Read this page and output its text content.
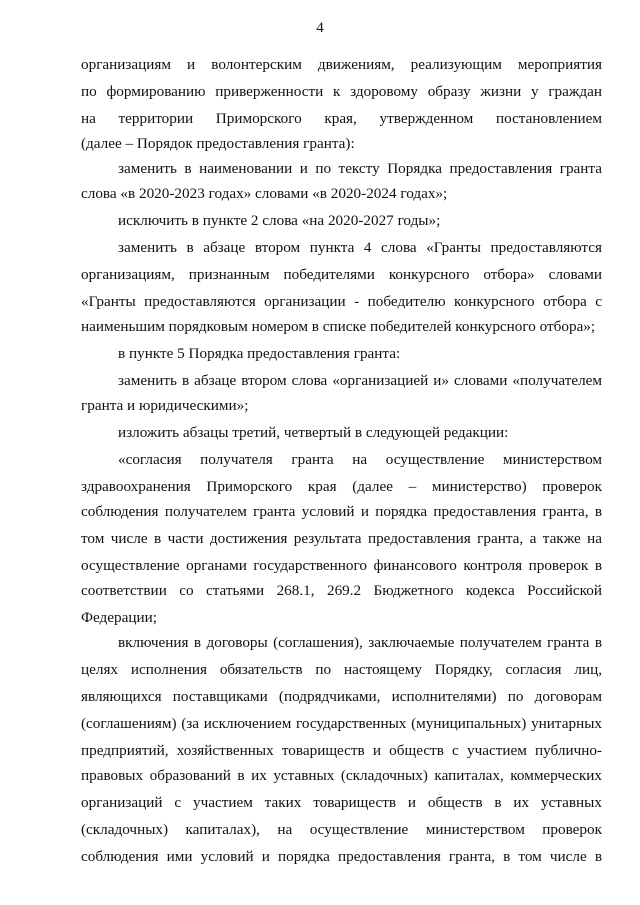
4
организациям и волонтерским движениям, реализующим мероприятия
по формированию приверженности к здоровому образу жизни у граждан
на территории Приморского края, утвержденном постановлением
(далее – Порядок предоставления гранта):
заменить в наименовании и по тексту Порядка предоставления гранта
слова «в 2020-2023 годах» словами «в 2020-2024 годах»;
исключить в пункте 2 слова «на 2020-2027 годы»;
заменить в абзаце втором пункта 4 слова «Гранты предоставляются
организациям, признанным победителями конкурсного отбора» словами
«Гранты предоставляются организации - победителю конкурсного отбора с
наименьшим порядковым номером в списке победителей конкурсного отбора»;
в пункте 5 Порядка предоставления гранта:
заменить в абзаце втором слова «организацией и» словами «получателем
гранта и юридическими»;
изложить абзацы третий, четвертый в следующей редакции:
«согласия получателя гранта на осуществление министерством
здравоохранения Приморского края (далее – министерство) проверок
соблюдения получателем гранта условий и порядка предоставления гранта, в
том числе в части достижения результата предоставления гранта, а также на
осуществление органами государственного финансового контроля проверок в
соответствии со статьями 268.1, 269.2 Бюджетного кодекса Российской
Федерации;
включения в договоры (соглашения), заключаемые получателем гранта в
целях исполнения обязательств по настоящему Порядку, согласия лиц,
являющихся поставщиками (подрядчиками, исполнителями) по договорам
(соглашениям) (за исключением государственных (муниципальных) унитарных
предприятий, хозяйственных товариществ и обществ с участием публично-
правовых образований в их уставных (складочных) капиталах, коммерческих
организаций с участием таких товариществ и обществ в их уставных
(складочных) капиталах), на осуществление министерством проверок
соблюдения ими условий и порядка предоставления гранта, в том числе в
